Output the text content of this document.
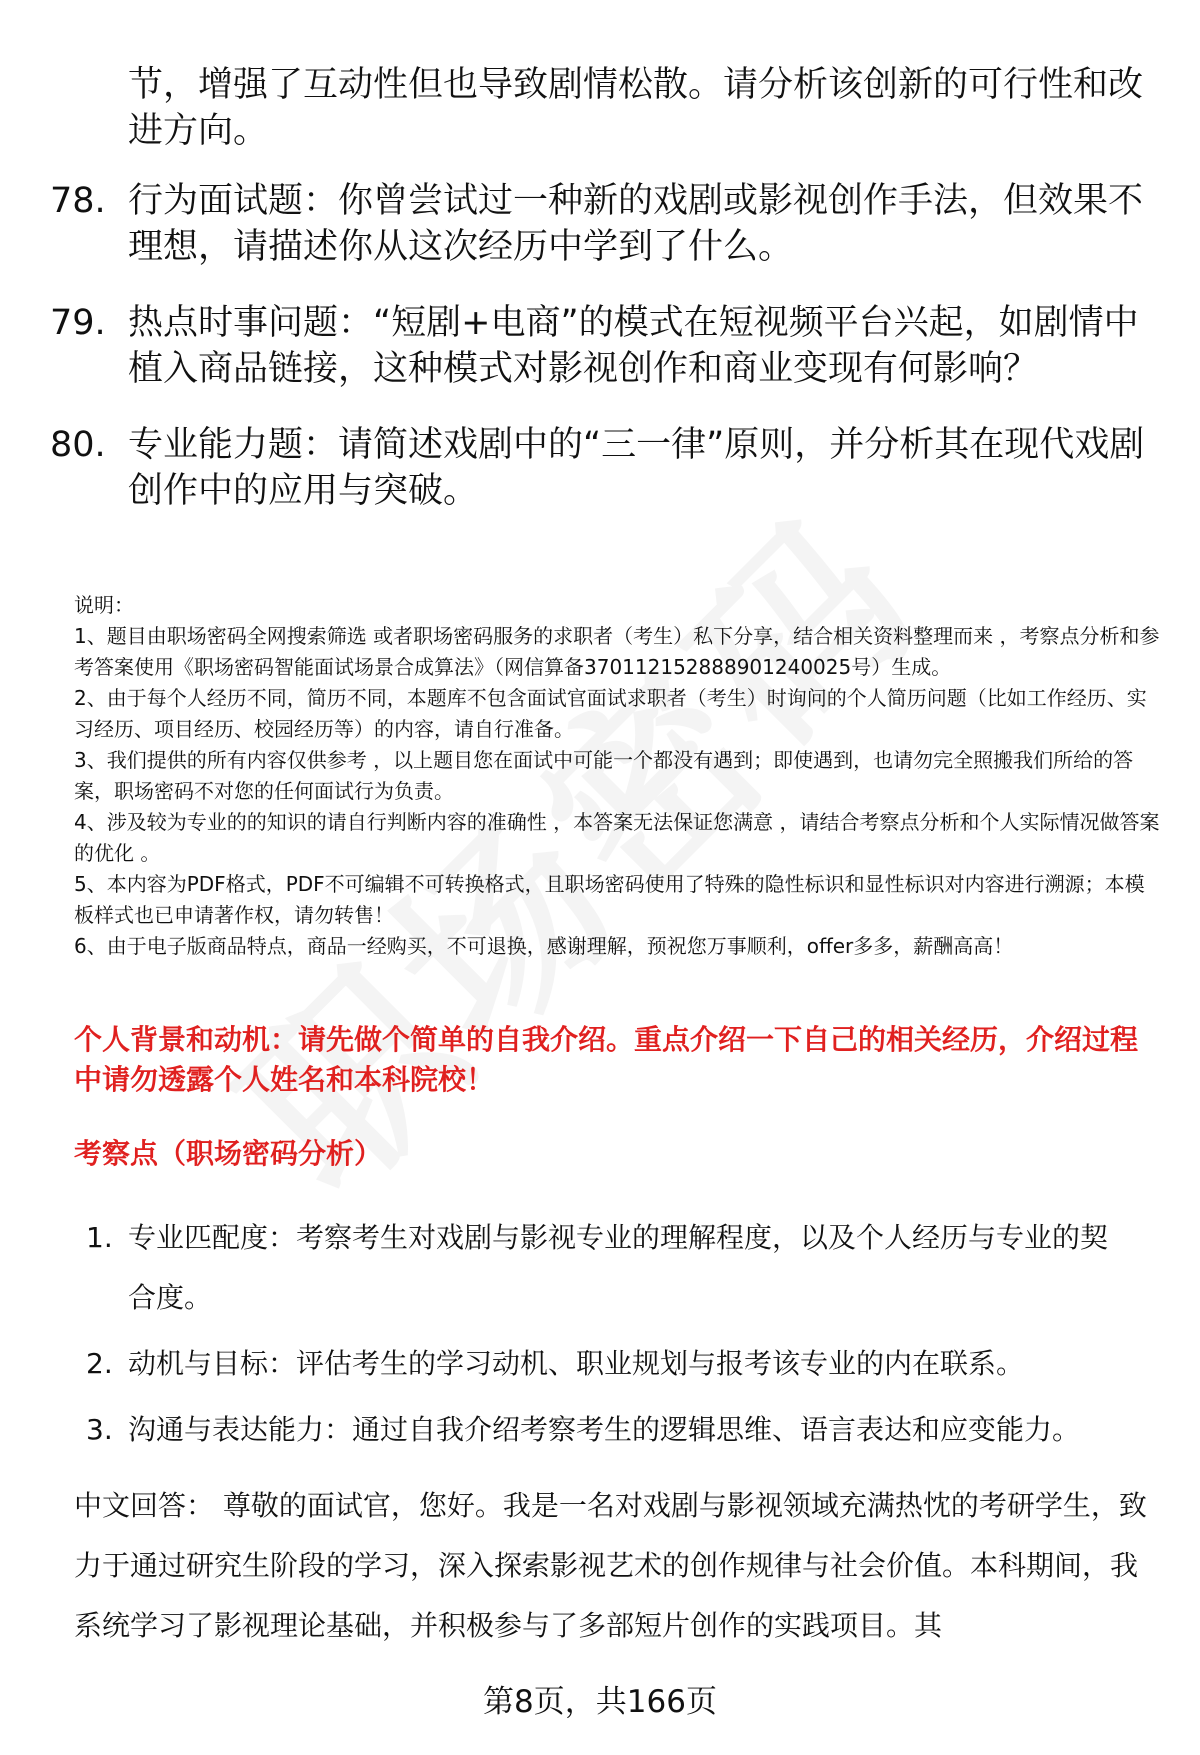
节，增强了互动性但也导致剧情松散。请分析该创新的可行性和改进方向。
78. 行为面试题：你曾尝试过一种新的戏剧或影视创作手法，但效果不理想，请描述你从这次经历中学到了什么。
79. 热点时事问题：“短剧+电商”的模式在短视频平台兴起，如剧情中植入商品链接，这种模式对影视创作和商业变现有何影响？
80. 专业能力题：请简述戏剧中的“三一律”原则，并分析其在现代戏剧创作中的应用与突破。
说明：
1、题目由职场密码全网搜索筛选 或者职场密码服务的求职者（考生）私下分享，结合相关资料整理而来 ，考察点分析和参考答案使用《职场密码智能面试场景合成算法》（网信算备370112152888901240025号）生成。
2、由于每个人经历不同，简历不同，本题库不包含面试官面试求职者（考生）时询问的个人简历问题（比如工作经历、实习经历、项目经历、校园经历等）的内容，请自行准备。
3、我们提供的所有内容仅供参考 ，以上题目您在面试中可能一个都没有遇到；即使遇到，也请勿完全照搬我们所给的答案，职场密码不对您的任何面试行为负责。
4、涉及较为专业的的知识的请自行判断内容的准确性 ，本答案无法保证您满意 ，请结合考察点分析和个人实际情况做答案的优化 。
5、本内容为PDF格式，PDF不可编辑不可转换格式，且职场密码使用了特殊的隐性标识和显性标识对内容进行溯源；本模板样式也已申请著作权，请勿转售！
6、由于电子版商品特点，商品一经购买，不可退换，感谢理解，预祝您万事顺利，offer多多，薪酬高高！
个人背景和动机：请先做个简单的自我介绍。重点介绍一下自己的相关经历，介绍过程中请勿透露个人姓名和本科院校！
考察点（职场密码分析）
1. 专业匹配度：考察考生对戏剧与影视专业的理解程度，以及个人经历与专业的契合度。
2. 动机与目标：评估考生的学习动机、职业规划与报考该专业的内在联系。
3. 沟通与表达能力：通过自我介绍考察考生的逻辑思维、语言表达和应变能力。
中文回答： 尊敬的面试官，您好。我是一名对戏剧与影视领域充满热忱的考研学生，致力于通过研究生阶段的学习，深入探索影视艺术的创作规律与社会价值。本科期间，我系统学习了影视理论基础，并积极参与了多部短片创作的实践项目。其
第8页，共166页
